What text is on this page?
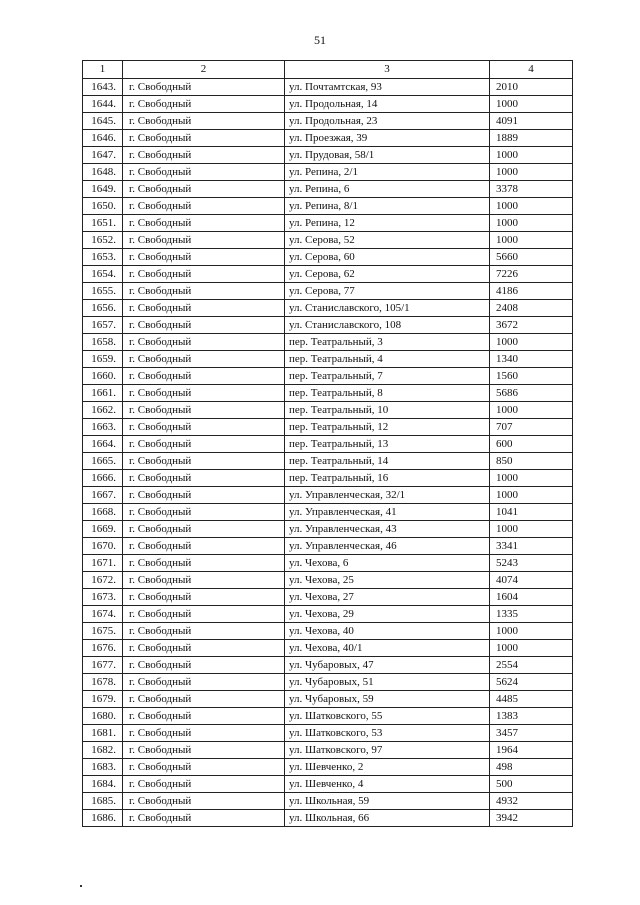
51
1	2	3	4
1643.	г. Свободный	ул. Почтамтская, 93	2010
1644.	г. Свободный	ул. Продольная, 14	1000
1645.	г. Свободный	ул. Продольная, 23	4091
1646.	г. Свободный	ул. Проезжая, 39	1889
1647.	г. Свободный	ул. Прудовая, 58/1	1000
1648.	г. Свободный	ул. Репина, 2/1	1000
1649.	г. Свободный	ул. Репина, 6	3378
1650.	г. Свободный	ул. Репина, 8/1	1000
1651.	г. Свободный	ул. Репина, 12	1000
1652.	г. Свободный	ул. Серова, 52	1000
1653.	г. Свободный	ул. Серова, 60	5660
1654.	г. Свободный	ул. Серова, 62	7226
1655.	г. Свободный	ул. Серова, 77	4186
1656.	г. Свободный	ул. Станиславского, 105/1	2408
1657.	г. Свободный	ул. Станиславского, 108	3672
1658.	г. Свободный	пер. Театральный, 3	1000
1659.	г. Свободный	пер. Театральный, 4	1340
1660.	г. Свободный	пер. Театральный, 7	1560
1661.	г. Свободный	пер. Театральный, 8	5686
1662.	г. Свободный	пер. Театральный, 10	1000
1663.	г. Свободный	пер. Театральный, 12	707
1664.	г. Свободный	пер. Театральный, 13	600
1665.	г. Свободный	пер. Театральный, 14	850
1666.	г. Свободный	пер. Театральный, 16	1000
1667.	г. Свободный	ул. Управленческая, 32/1	1000
1668.	г. Свободный	ул. Управленческая, 41	1041
1669.	г. Свободный	ул. Управленческая, 43	1000
1670.	г. Свободный	ул. Управленческая, 46	3341
1671.	г. Свободный	ул. Чехова, 6	5243
1672.	г. Свободный	ул. Чехова, 25	4074
1673.	г. Свободный	ул. Чехова, 27	1604
1674.	г. Свободный	ул. Чехова, 29	1335
1675.	г. Свободный	ул. Чехова, 40	1000
1676.	г. Свободный	ул. Чехова, 40/1	1000
1677.	г. Свободный	ул. Чубаровых, 47	2554
1678.	г. Свободный	ул. Чубаровых, 51	5624
1679.	г. Свободный	ул. Чубаровых, 59	4485
1680.	г. Свободный	ул. Шатковского, 55	1383
1681.	г. Свободный	ул. Шатковского, 53	3457
1682.	г. Свободный	ул. Шатковского, 97	1964
1683.	г. Свободный	ул. Шевченко, 2	498
1684.	г. Свободный	ул. Шевченко, 4	500
1685.	г. Свободный	ул. Школьная, 59	4932
1686.	г. Свободный	ул. Школьная, 66	3942
